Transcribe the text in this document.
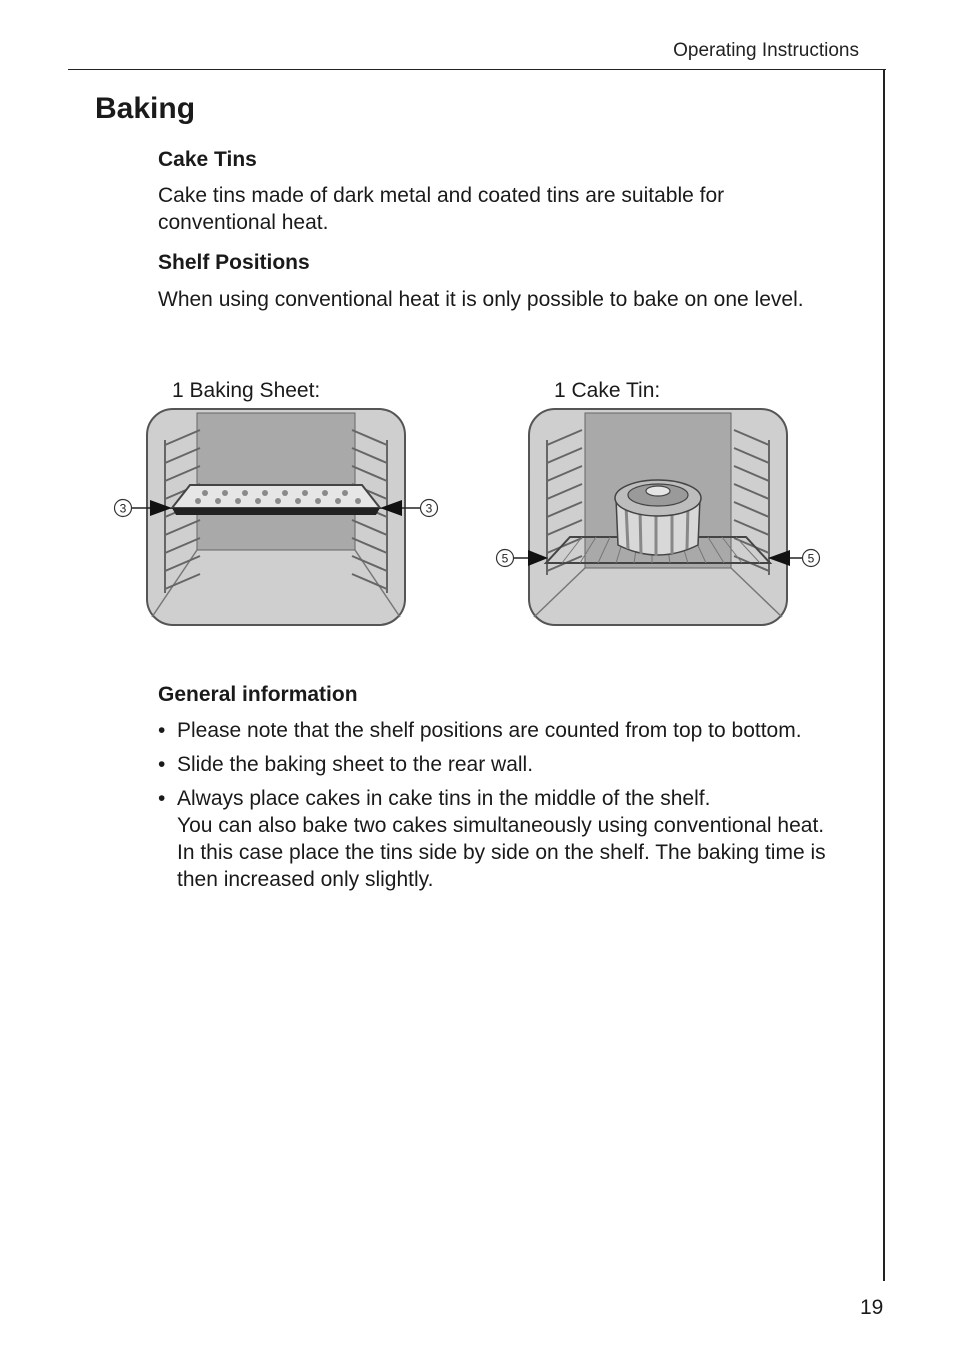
Operating Instructions
Baking
Cake Tins

Cake tins made of dark metal and coated tins are suitable for
conventional heat.

Shelf Positions

When using conventional heat it is only possible to bake on one level.

1 Baking Sheet:

3	3

1 Cake Tin:

5	5
General information
• Please note that the shelf positions are counted from top to bottom.
• Slide the baking sheet to the rear wall.
• Always place cakes in cake tins in the middle of the shelf.
You can also bake two cakes simultaneously using conventional heat.
In this case place the tins side by side on the shelf. The baking time is
then increased only slightly.
19
